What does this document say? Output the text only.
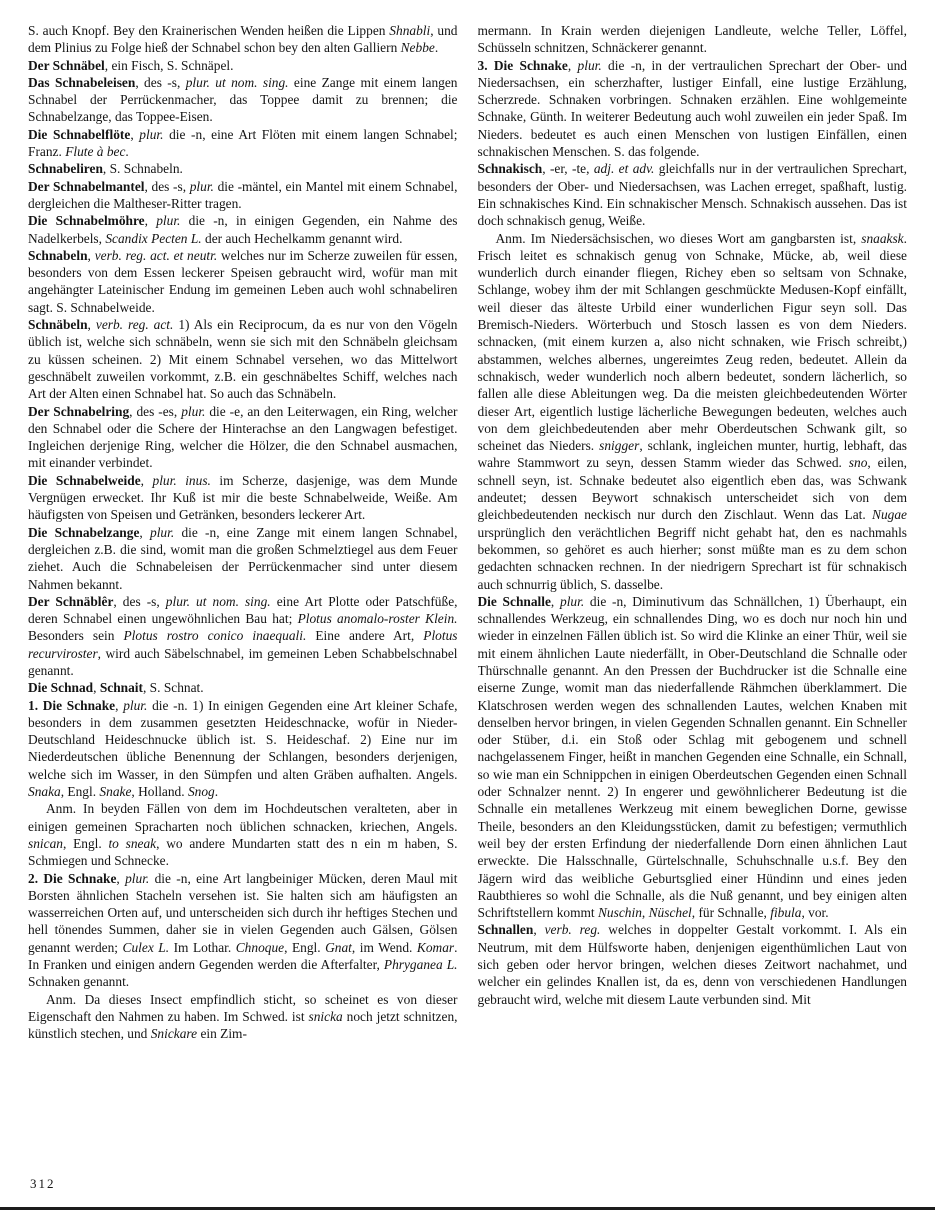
S. auch Knopf. Bey den Krainerischen Wenden heißen die Lippen Shnabli, und dem Plinius zu Folge hieß der Schnabel schon bey den alten Galliern Nebbe.

Der Schnäbel, ein Fisch, S. Schnäpel.

Das Schnabeleisen, des -s, plur. ut nom. sing. eine Zange mit einem langen Schnabel der Perrückenmacher, das Toppee damit zu brennen; die Schnabelzange, das Toppee-Eisen.

Die Schnabelflöte, plur. die -n, eine Art Flöten mit einem langen Schnabel; Franz. Flute à bec.

Schnabeliren, S. Schnabeln.

Der Schnabelmantel, des -s, plur. die -mäntel, ein Mantel mit einem Schnabel, dergleichen die Maltheser-Ritter tragen.

Die Schnabelmöhre, plur. die -n, in einigen Gegenden, ein Nahme des Nadelkerbels, Scandix Pecten L. der auch Hechelkamm genannt wird.

Schnabeln, verb. reg. act. et neutr. welches nur im Scherze zuweilen für essen, besonders von dem Essen leckerer Speisen gebraucht wird, wofür man mit angehängter Lateinischer Endung im gemeinen Leben auch wohl schnabeliren sagt. S. Schnabelweide.

Schnäbeln, verb. reg. act. 1) Als ein Reciprocum, da es nur von den Vögeln üblich ist, welche sich schnäbeln, wenn sie sich mit den Schnäbeln gleichsam zu küssen scheinen. 2) Mit einem Schnabel versehen, wo das Mittelwort geschnäbelt zuweilen vorkommt, z.B. ein geschnäbeltes Schiff, welches nach Art der Alten einen Schnabel hat. So auch das Schnäbeln.

Der Schnabelring, des -es, plur. die -e, an den Leiterwagen, ein Ring, welcher den Schnabel oder die Schere der Hinterachse an den Langwagen befestiget. Ingleichen derjenige Ring, welcher die Hölzer, die den Schnabel ausmachen, mit einander verbindet.

Die Schnabelweide, plur. inus. im Scherze, dasjenige, was dem Munde Vergnügen erwecket. Ihr Kuß ist mir die beste Schnabelweide, Weiße. Am häufigsten von Speisen und Getränken, besonders leckerer Art.

Die Schnabelzange, plur. die -n, eine Zange mit einem langen Schnabel, dergleichen z.B. die sind, womit man die großen Schmelztiegel aus dem Feuer ziehet. Auch die Schnabeleisen der Perrückenmacher sind unter diesem Nahmen bekannt.

Der Schnäblêr, des -s, plur. ut nom. sing. eine Art Plotte oder Patschfüße, deren Schnabel einen ungewöhnlichen Bau hat; Plotus anomalo-roster Klein. Besonders sein Plotus rostro conico inaequali. Eine andere Art, Plotus recurviroster, wird auch Säbelschnabel, im gemeinen Leben Schabbelschnabel genannt.

Die Schnad, Schnait, S. Schnat.

1. Die Schnake, plur. die -n. 1) In einigen Gegenden eine Art kleiner Schafe, besonders in dem zusammen gesetzten Heideschnacke, wofür in Nieder-Deutschland Heideschnucke üblich ist. S. Heideschaf. 2) Eine nur im Niederdeutschen übliche Benennung der Schlangen, besonders derjenigen, welche sich im Wasser, in den Sümpfen und alten Gräben aufhalten. Angels. Snaka, Engl. Snake, Holland. Snog.

Anm. In beyden Fällen von dem im Hochdeutschen veralteten, aber in einigen gemeinen Spracharten noch üblichen schnacken, kriechen, Angels. snican, Engl. to sneak, wo andere Mundarten statt des n ein m haben, S. Schmiegen und Schnecke.

2. Die Schnake, plur. die -n, eine Art langbeiniger Mücken, deren Maul mit Borsten ähnlichen Stacheln versehen ist. Sie halten sich am häufigsten an wasserreichen Orten auf, und unterscheiden sich durch ihr heftiges Stechen und hell tönendes Summen, daher sie in vielen Gegenden auch Gälsen, Gölsen genannt werden; Culex L. Im Lothar. Chnoque, Engl. Gnat, im Wend. Komar. In Franken und einigen andern Gegenden werden die Afterfalter, Phryganea L. Schnaken genannt.

Anm. Da dieses Insect empfindlich sticht, so scheinet es von dieser Eigenschaft den Nahmen zu haben. Im Schwed. ist snicka noch jetzt schnitzen, künstlich stechen, und Snickare ein Zim-

mermann. In Krain werden diejenigen Landleute, welche Teller, Löffel, Schüsseln schnitzen, Schnäckerer genannt.

3. Die Schnake, plur. die -n, in der vertraulichen Sprechart der Ober- und Niedersachsen, ein scherzhafter, lustiger Einfall, eine lustige Erzählung, Scherzrede. Schnaken vorbringen. Schnaken erzählen. Eine wohlgemeinte Schnake, Günth. In weiterer Bedeutung auch wohl zuweilen ein jeder Spaß. Im Nieders. bedeutet es auch einen Menschen von lustigen Einfällen, einen schnakischen Menschen. S. das folgende.

Schnakisch, -er, -te, adj. et adv. gleichfalls nur in der vertraulichen Sprechart, besonders der Ober- und Niedersachsen, was Lachen erreget, spaßhaft, lustig. Ein schnakisches Kind. Ein schnakischer Mensch. Schnakisch aussehen. Das ist doch schnakisch genug, Weiße.

Anm. Im Niedersächsischen, wo dieses Wort am gangbarsten ist, snaaksk. Frisch leitet es schnakisch genug von Schnake, Mücke, ab, weil diese wunderlich durch einander fliegen, Richey eben so seltsam von Schnake, Schlange, wobey ihm der mit Schlangen geschmückte Medusen-Kopf einfällt, weil dieser das älteste Urbild einer wunderlichen Figur seyn soll. Das Bremisch-Nieders. Wörterbuch und Stosch lassen es von dem Nieders. schnacken, (mit einem kurzen a, also nicht schnaken, wie Frisch schreibt,) abstammen, welches albernes, ungereimtes Zeug reden, bedeutet. Allein da schnakisch, weder wunderlich noch albern bedeutet, sondern lächerlich, so fallen alle diese Ableitungen weg. Da die meisten gleichbedeutenden Wörter dieser Art, eigentlich lustige lächerliche Bewegungen bedeuten, welches auch von dem gleichbedeutenden aber mehr Oberdeutschen Schwank gilt, so scheinet das Nieders. snigger, schlank, ingleichen munter, hurtig, lebhaft, das wahre Stammwort zu seyn, dessen Stamm wieder das Schwed. sno, eilen, schnell seyn, ist. Schnake bedeutet also eigentlich eben das, was Schwank andeutet; dessen Beywort schnakisch unterscheidet sich von dem gleichbedeutenden neckisch nur durch den Zischlaut. Wenn das Lat. Nugae ursprünglich den verächtlichen Begriff nicht gehabt hat, den es nachmahls bekommen, so gehöret es auch hierher; sonst müßte man es zu dem schon gedachten schnacken rechnen. In der niedrigern Sprechart ist für schnakisch auch schnurrig üblich, S. dasselbe.

Die Schnalle, plur. die -n, Diminutivum das Schnällchen, 1) Überhaupt, ein schnallendes Werkzeug, ein schnallendes Ding, wo es doch nur noch hin und wieder in einzelnen Fällen üblich ist. So wird die Klinke an einer Thür, weil sie mit einem ähnlichen Laute niederfällt, in Ober-Deutschland die Schnalle oder Thürschnalle genannt. An den Pressen der Buchdrucker ist die Schnalle eine eiserne Zunge, womit man das niederfallende Rähmchen überklammert. Die Klatschrosen werden wegen des schnallenden Lautes, welchen Knaben mit denselben hervor bringen, in vielen Gegenden Schnallen genannt. Ein Schneller oder Stüber, d.i. ein Stoß oder Schlag mit gebogenem und schnell nachgelassenem Finger, heißt in manchen Gegenden eine Schnalle, ein Schnall, so wie man ein Schnippchen in einigen Oberdeutschen Gegenden einen Schnall oder Schnalzer nennt. 2) In engerer und gewöhnlicherer Bedeutung ist die Schnalle ein metallenes Werkzeug mit einem beweglichen Dorne, gewisse Theile, besonders an den Kleidungsstücken, damit zu befestigen; vermuthlich weil bey der ersten Erfindung der niederfallende Dorn einen ähnlichen Laut erweckte. Die Halsschnalle, Gürtelschnalle, Schuhschnalle u.s.f. Bey den Jägern wird das weibliche Geburtsglied einer Hündinn und eines jeden Raubthieres so wohl die Schnalle, als die Nuß genannt, und bey einigen alten Schriftstellern kommt Nuschin, Nüschel, für Schnalle, fibula, vor.

Schnallen, verb. reg. welches in doppelter Gestalt vorkommt. I. Als ein Neutrum, mit dem Hülfsworte haben, denjenigen eigenthümlichen Laut von sich geben oder hervor bringen, welchen dieses Zeitwort nachahmet, und welcher ein gelindes Knallen ist, da es, denn von verschiedenen Handlungen gebraucht wird, welche mit diesem Laute verbunden sind. Mit

312
